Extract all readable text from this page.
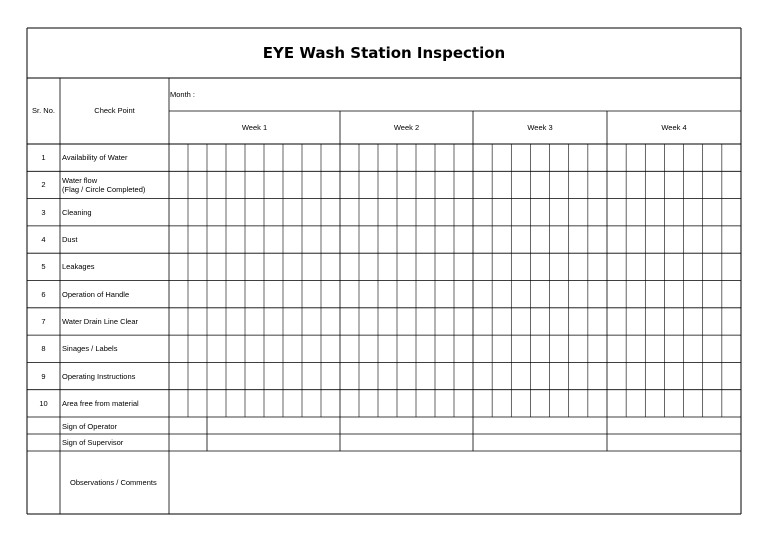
EYE Wash Station Inspection
Sr. No.	Check Point
Month :
Week 1	Week 2	Week 3	Week 4
1	Availability of Water
2	Water flow
(Flag / Circle Completed)
3	Cleaning
4	Dust
5	Leakages
6	Operation of Handle
7	Water Drain Line Clear
8	Sinages / Labels
9	Operating Instructions
10	Area free from material
Sign of Operator
Sign of Supervisor
Observations / Comments
